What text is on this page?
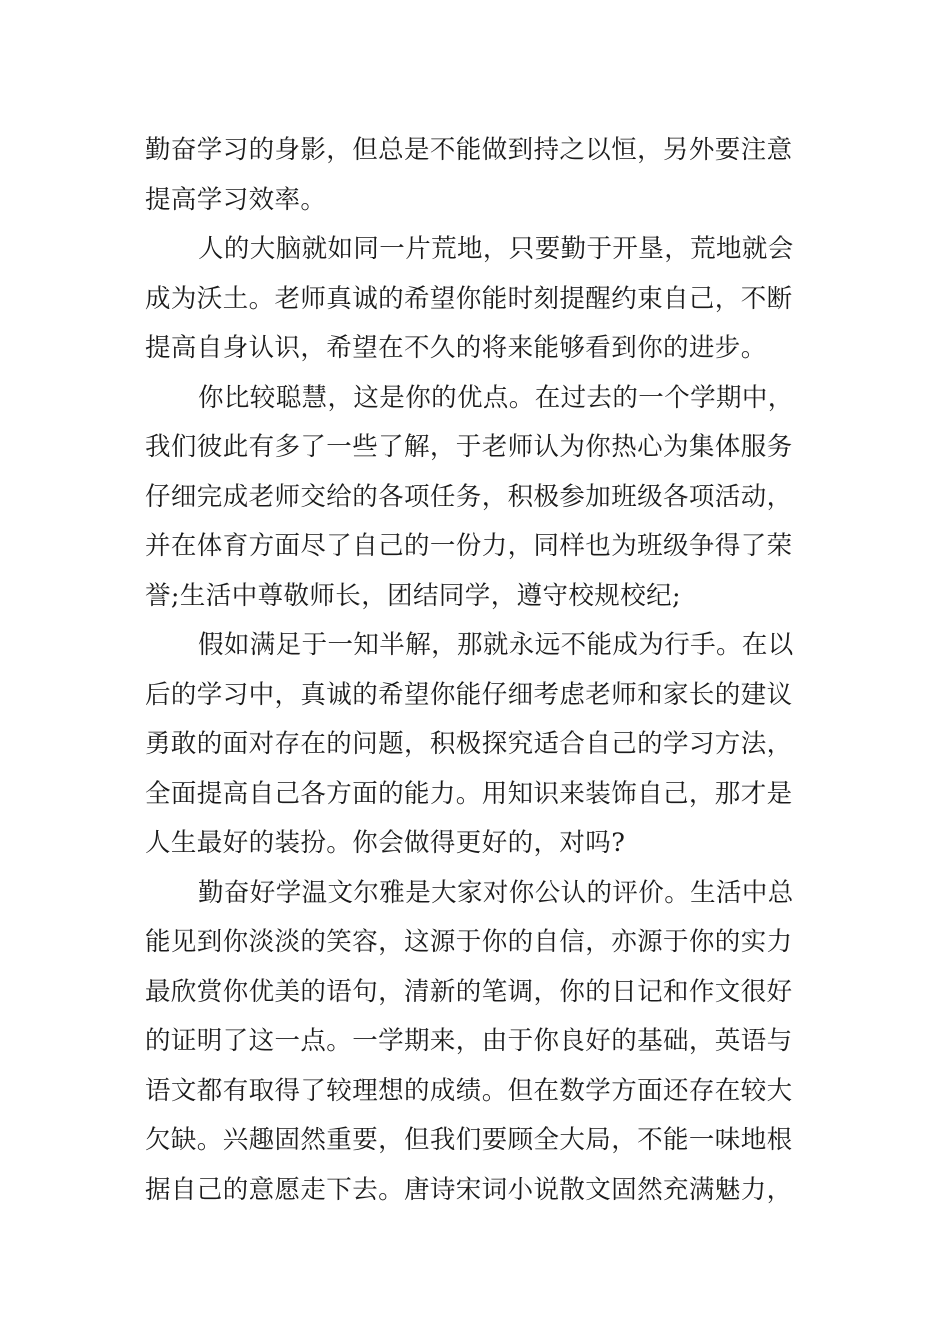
勤奋学习的身影，但总是不能做到持之以恒，另外要注意
提高学习效率。
人的大脑就如同一片荒地，只要勤于开垦，荒地就会
成为沃土。老师真诚的希望你能时刻提醒约束自己，不断
提高自身认识，希望在不久的将来能够看到你的进步。
你比较聪慧，这是你的优点。在过去的一个学期中，
我们彼此有多了一些了解，于老师认为你热心为集体服务
仔细完成老师交给的各项任务，积极参加班级各项活动，
并在体育方面尽了自己的一份力，同样也为班级争得了荣
誉;生活中尊敬师长，团结同学，遵守校规校纪;
假如满足于一知半解，那就永远不能成为行手。在以
后的学习中，真诚的希望你能仔细考虑老师和家长的建议
勇敢的面对存在的问题，积极探究适合自己的学习方法，
全面提高自己各方面的能力。用知识来装饰自己，那才是
人生最好的装扮。你会做得更好的，对吗?
勤奋好学温文尔雅是大家对你公认的评价。生活中总
能见到你淡淡的笑容，这源于你的自信，亦源于你的实力
最欣赏你优美的语句，清新的笔调，你的日记和作文很好
的证明了这一点。一学期来，由于你良好的基础，英语与
语文都有取得了较理想的成绩。但在数学方面还存在较大
欠缺。兴趣固然重要，但我们要顾全大局，不能一味地根
据自己的意愿走下去。唐诗宋词小说散文固然充满魅力，
